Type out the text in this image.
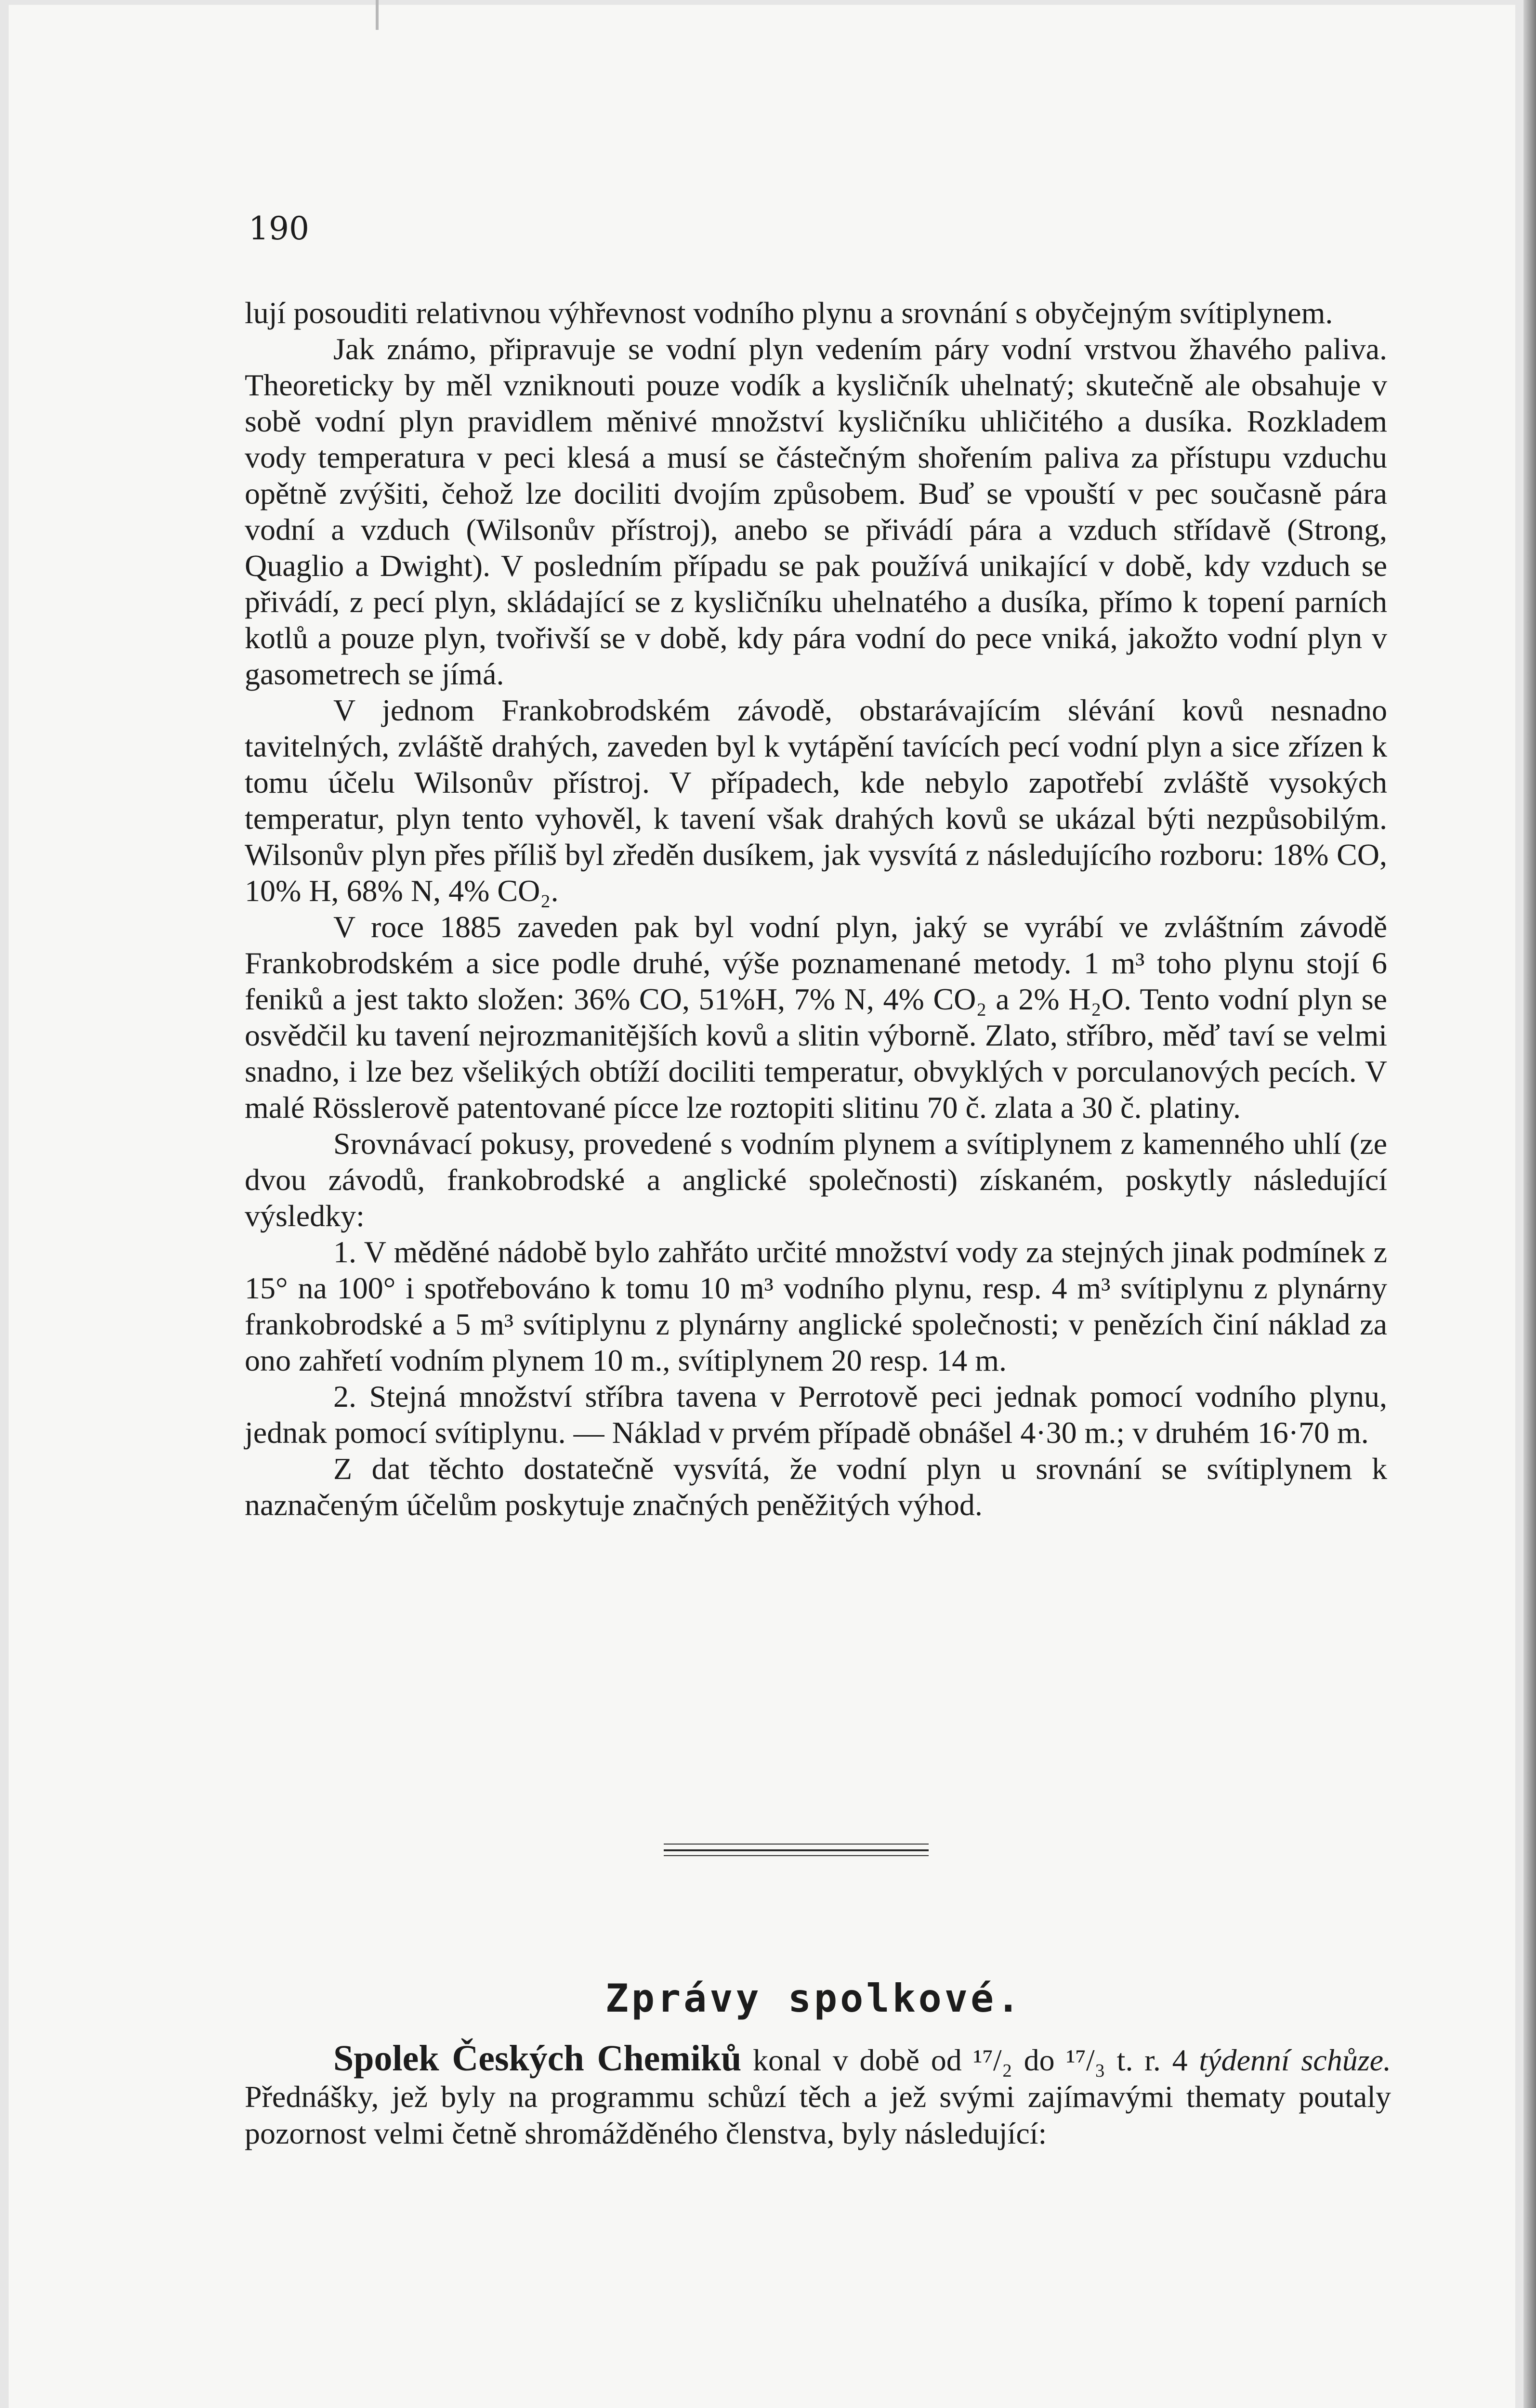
190

lují posouditi relativnou výhřevnost vodního plynu a srovnání s obyčejným svítiplynem.

Jak známo, připravuje se vodní plyn vedením páry vodní vrstvou žhavého paliva. Theoreticky by měl vzniknouti pouze vodík a kysličník uhelnatý; skutečně ale obsahuje v sobě vodní plyn pravidlem měnivé množství kysličníku uhličitého a dusíka. Rozkladem vody temperatura v peci klesá a musí se částečným shořením paliva za přístupu vzduchu opětně zvýšiti, čehož lze dociliti dvojím způsobem. Buď se vpouští v pec současně pára vodní a vzduch (Wilsonův přístroj), anebo se přivádí pára a vzduch střídavě (Strong, Quaglio a Dwight). V posledním případu se pak používá unikající v době, kdy vzduch se přivádí, z pecí plyn, skládající se z kysličníku uhelnatého a dusíka, přímo k topení parních kotlů a pouze plyn, tvořivší se v době, kdy pára vodní do pece vniká, jakožto vodní plyn v gasometrech se jímá.

V jednom Frankobrodském závodě, obstarávajícím slévání kovů nesnadno tavitelných, zvláště drahých, zaveden byl k vytápění tavících pecí vodní plyn a sice zřízen k tomu účelu Wilsonův přístroj. V případech, kde nebylo zapotřebí zvláště vysokých temperatur, plyn tento vyhověl, k tavení však drahých kovů se ukázal býti nezpůsobilým. Wilsonův plyn přes příliš byl zředěn dusíkem, jak vysvítá z následujícího rozboru: 18% CO, 10% H, 68% N, 4% CO₂.

V roce 1885 zaveden pak byl vodní plyn, jaký se vyrábí ve zvláštním závodě Frankobrodském a sice podle druhé, výše poznamenané metody. 1 m³ toho plynu stojí 6 feniků a jest takto složen: 36% CO, 51%H, 7% N, 4% CO₂ a 2% H₂O. Tento vodní plyn se osvědčil ku tavení nejrozmanitějších kovů a slitin výborně. Zlato, stříbro, měď taví se velmi snadno, i lze bez všelikých obtíží dociliti temperatur, obvyklých v porculanových pecích. V malé Rösslerově patentované pícce lze roztopiti slitinu 70 č. zlata a 30 č. platiny.

Srovnávací pokusy, provedené s vodním plynem a svítiplynem z kamenného uhlí (ze dvou závodů, frankobrodské a anglické společnosti) získaném, poskytly následující výsledky:

1. V měděné nádobě bylo zahřáto určité množství vody za stejných jinak podmínek z 15° na 100° i spotřebováno k tomu 10 m³ vodního plynu, resp. 4 m³ svítiplynu z plynárny frankobrodské a 5 m³ svítiplynu z plynárny anglické společnosti; v penězích činí náklad za ono zahřetí vodním plynem 10 m., svítiplynem 20 resp. 14 m.

2. Stejná množství stříbra tavena v Perrotově peci jednak pomocí vodního plynu, jednak pomocí svítiplynu. — Náklad v prvém případě obnášel 4·30 m.; v druhém 16·70 m.

Z dat těchto dostatečně vysvítá, že vodní plyn u srovnání se svítiplynem k naznačeným účelům poskytuje značných peněžitých výhod.

Zprávy spolkové.

Spolek Českých Chemiků konal v době od ¹⁷/₂ do ¹⁷/₃ t. r. 4 týdenní schůze. Přednášky, jež byly na programmu schůzí těch a jež svými zajímavými thematy poutaly pozornost velmi četně shromážděného členstva, byly následující:
